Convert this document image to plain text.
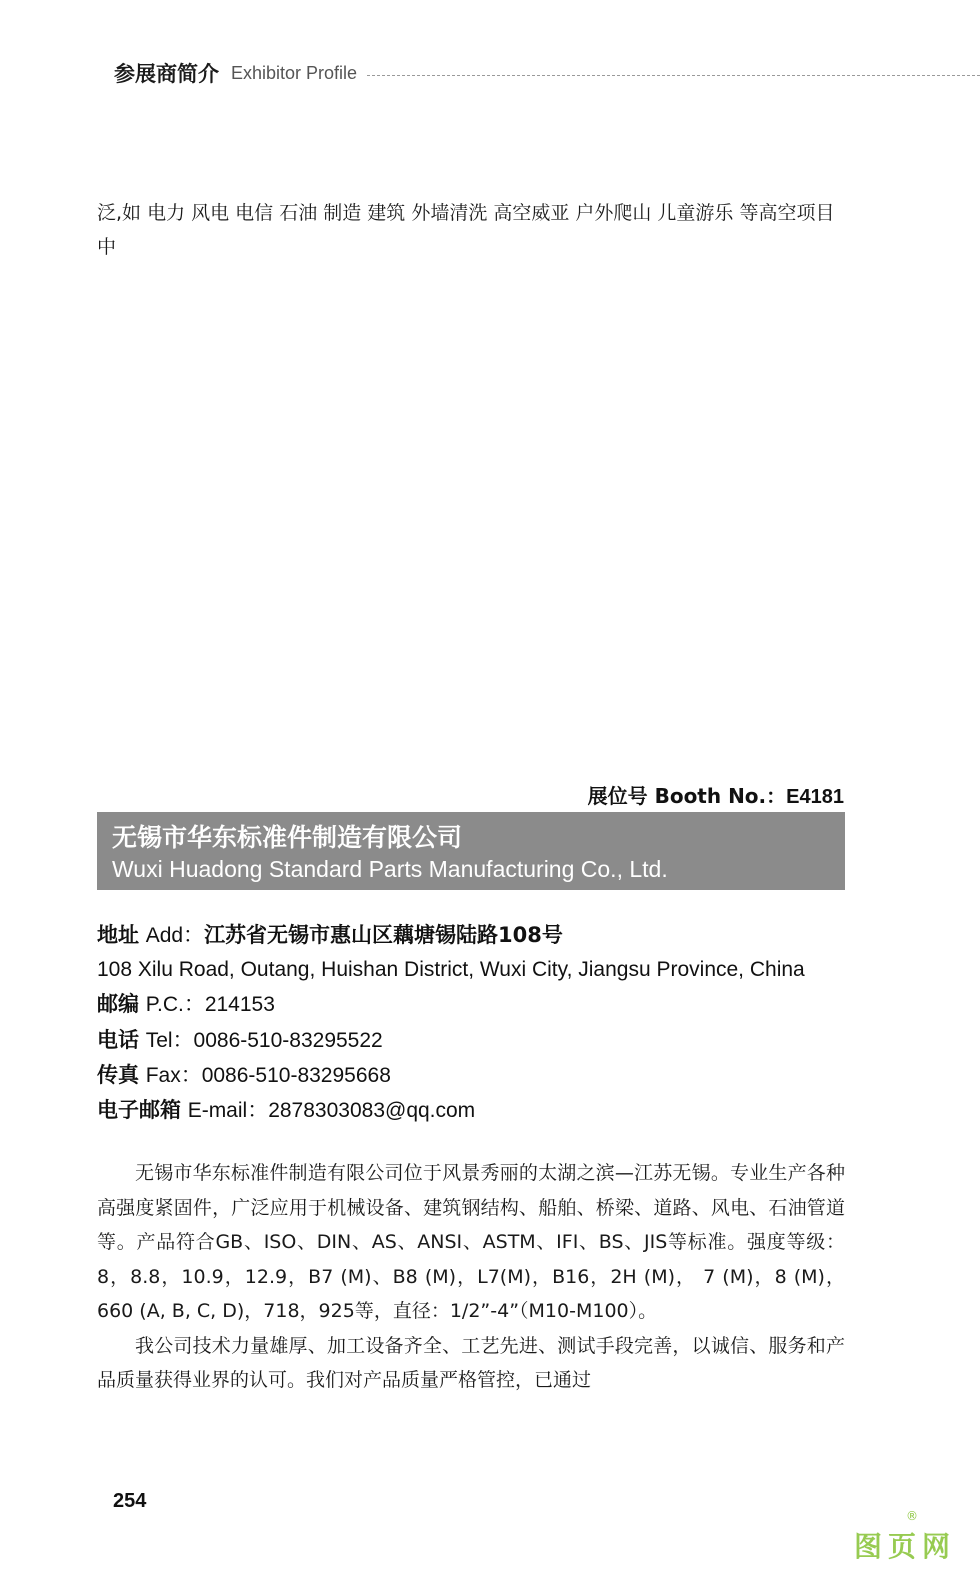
参展商简介 Exhibitor Profile
泛,如 电力 风电 电信 石油 制造 建筑 外墙清洗 高空威亚 户外爬山 儿童游乐 等高空项目中
展位号 Booth No.：E4181
无锡市华东标准件制造有限公司
Wuxi Huadong Standard Parts Manufacturing Co., Ltd.
地址 Add：江苏省无锡市惠山区藕塘锡陆路108号
108 Xilu Road, Outang, Huishan District, Wuxi City, Jiangsu Province, China
邮编 P.C.：214153
电话 Tel：0086-510-83295522
传真 Fax：0086-510-83295668
电子邮箱 E-mail：2878303083@qq.com

无锡市华东标准件制造有限公司位于风景秀丽的太湖之滨—江苏无锡。专业生产各种高强度紧固件，广泛应用于机械设备、建筑钢结构、船舶、桥梁、道路、风电、石油管道等。产品符合GB、ISO、DIN、AS、ANSI、ASTM、IFI、BS、JIS等标准。强度等级：8，8.8，10.9，12.9，B7 (M)、B8 (M)，L7(M)，B16，2H (M)， 7 (M)，8 (M)， 660 (A, B, C, D)，718，925等，直径：1/2”-4”（M10-M100）。

我公司技术力量雄厚、加工设备齐全、工艺先进、测试手段完善，以诚信、服务和产品质量获得业界的认可。我们对产品质量严格管控，已通过

254
®
图页网
